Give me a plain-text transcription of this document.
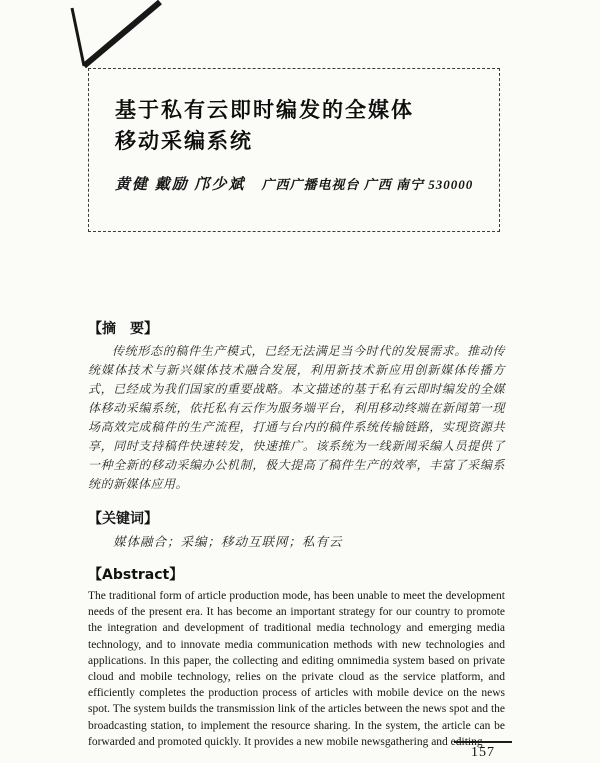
基于私有云即时编发的全媒体
移动采编系统
黄健 戴励 邝少斌 广西广播电视台 广西 南宁 530000
【摘　要】

传统形态的稿件生产模式，已经无法满足当今时代的发展需求。推动传统媒体技术与新兴媒体技术融合发展，利用新技术新应用创新媒体传播方式，已经成为我们国家的重要战略。本文描述的基于私有云即时编发的全媒体移动采编系统，依托私有云作为服务端平台，利用移动终端在新闻第一现场高效完成稿件的生产流程，打通与台内的稿件系统传输链路，实现资源共享，同时支持稿件快速转发，快速推广。该系统为一线新闻采编人员提供了一种全新的移动采编办公机制，极大提高了稿件生产的效率，丰富了采编系统的新媒体应用。

【关键词】

媒体融合；采编；移动互联网；私有云

【Abstract】

The traditional form of article production mode, has been unable to meet the development needs of the present era. It has become an important strategy for our country to promote the integration and development of traditional media technology and emerging media technology, and to innovate media communication methods with new technologies and applications. In this paper, the collecting and editing omnimedia system based on private cloud and mobile technology, relies on the private cloud as the service platform, and efficiently completes the production process of articles with mobile device on the news spot. The system builds the transmission link of the articles between the news spot and the broadcasting station, to implement the resource sharing. In the system, the article can be forwarded and promoted quickly. It provides a new mobile newsgathering and editing

157
